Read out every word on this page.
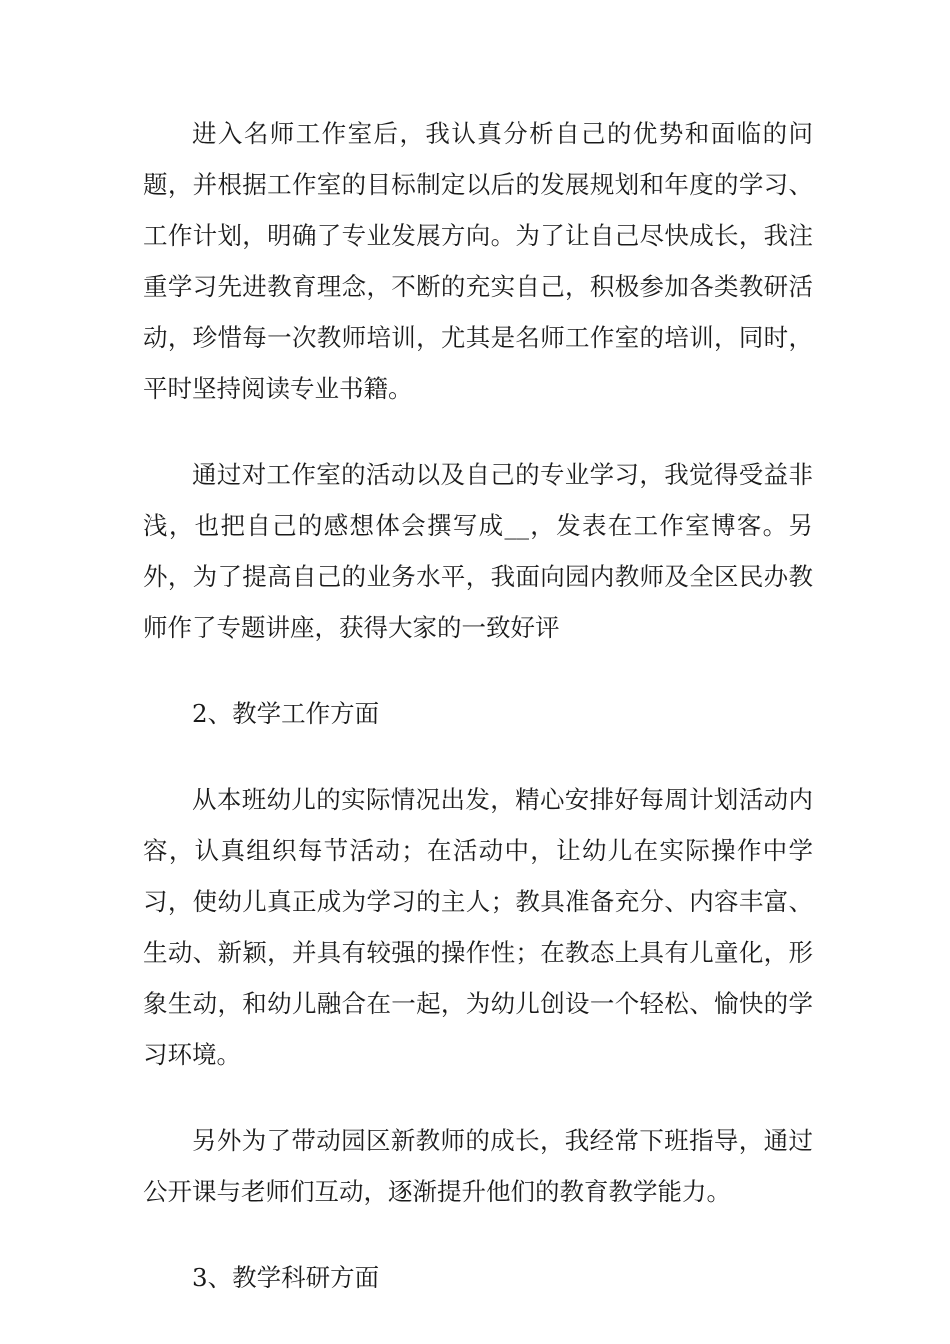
进入名师工作室后，我认真分析自己的优势和面临的问题，并根据工作室的目标制定以后的发展规划和年度的学习、工作计划，明确了专业发展方向。为了让自己尽快成长，我注重学习先进教育理念，不断的充实自己，积极参加各类教研活动，珍惜每一次教师培训，尤其是名师工作室的培训，同时，平时坚持阅读专业书籍。

通过对工作室的活动以及自己的专业学习，我觉得受益非浅，也把自己的感想体会撰写成__，发表在工作室博客。另外，为了提高自己的业务水平，我面向园内教师及全区民办教师作了专题讲座，获得大家的一致好评

2、教学工作方面

从本班幼儿的实际情况出发，精心安排好每周计划活动内容，认真组织每节活动；在活动中，让幼儿在实际操作中学习，使幼儿真正成为学习的主人；教具准备充分、内容丰富、生动、新颖，并具有较强的操作性；在教态上具有儿童化，形象生动，和幼儿融合在一起，为幼儿创设一个轻松、愉快的学习环境。

另外为了带动园区新教师的成长，我经常下班指导，通过公开课与老师们互动，逐渐提升他们的教育教学能力。

3、教学科研方面
